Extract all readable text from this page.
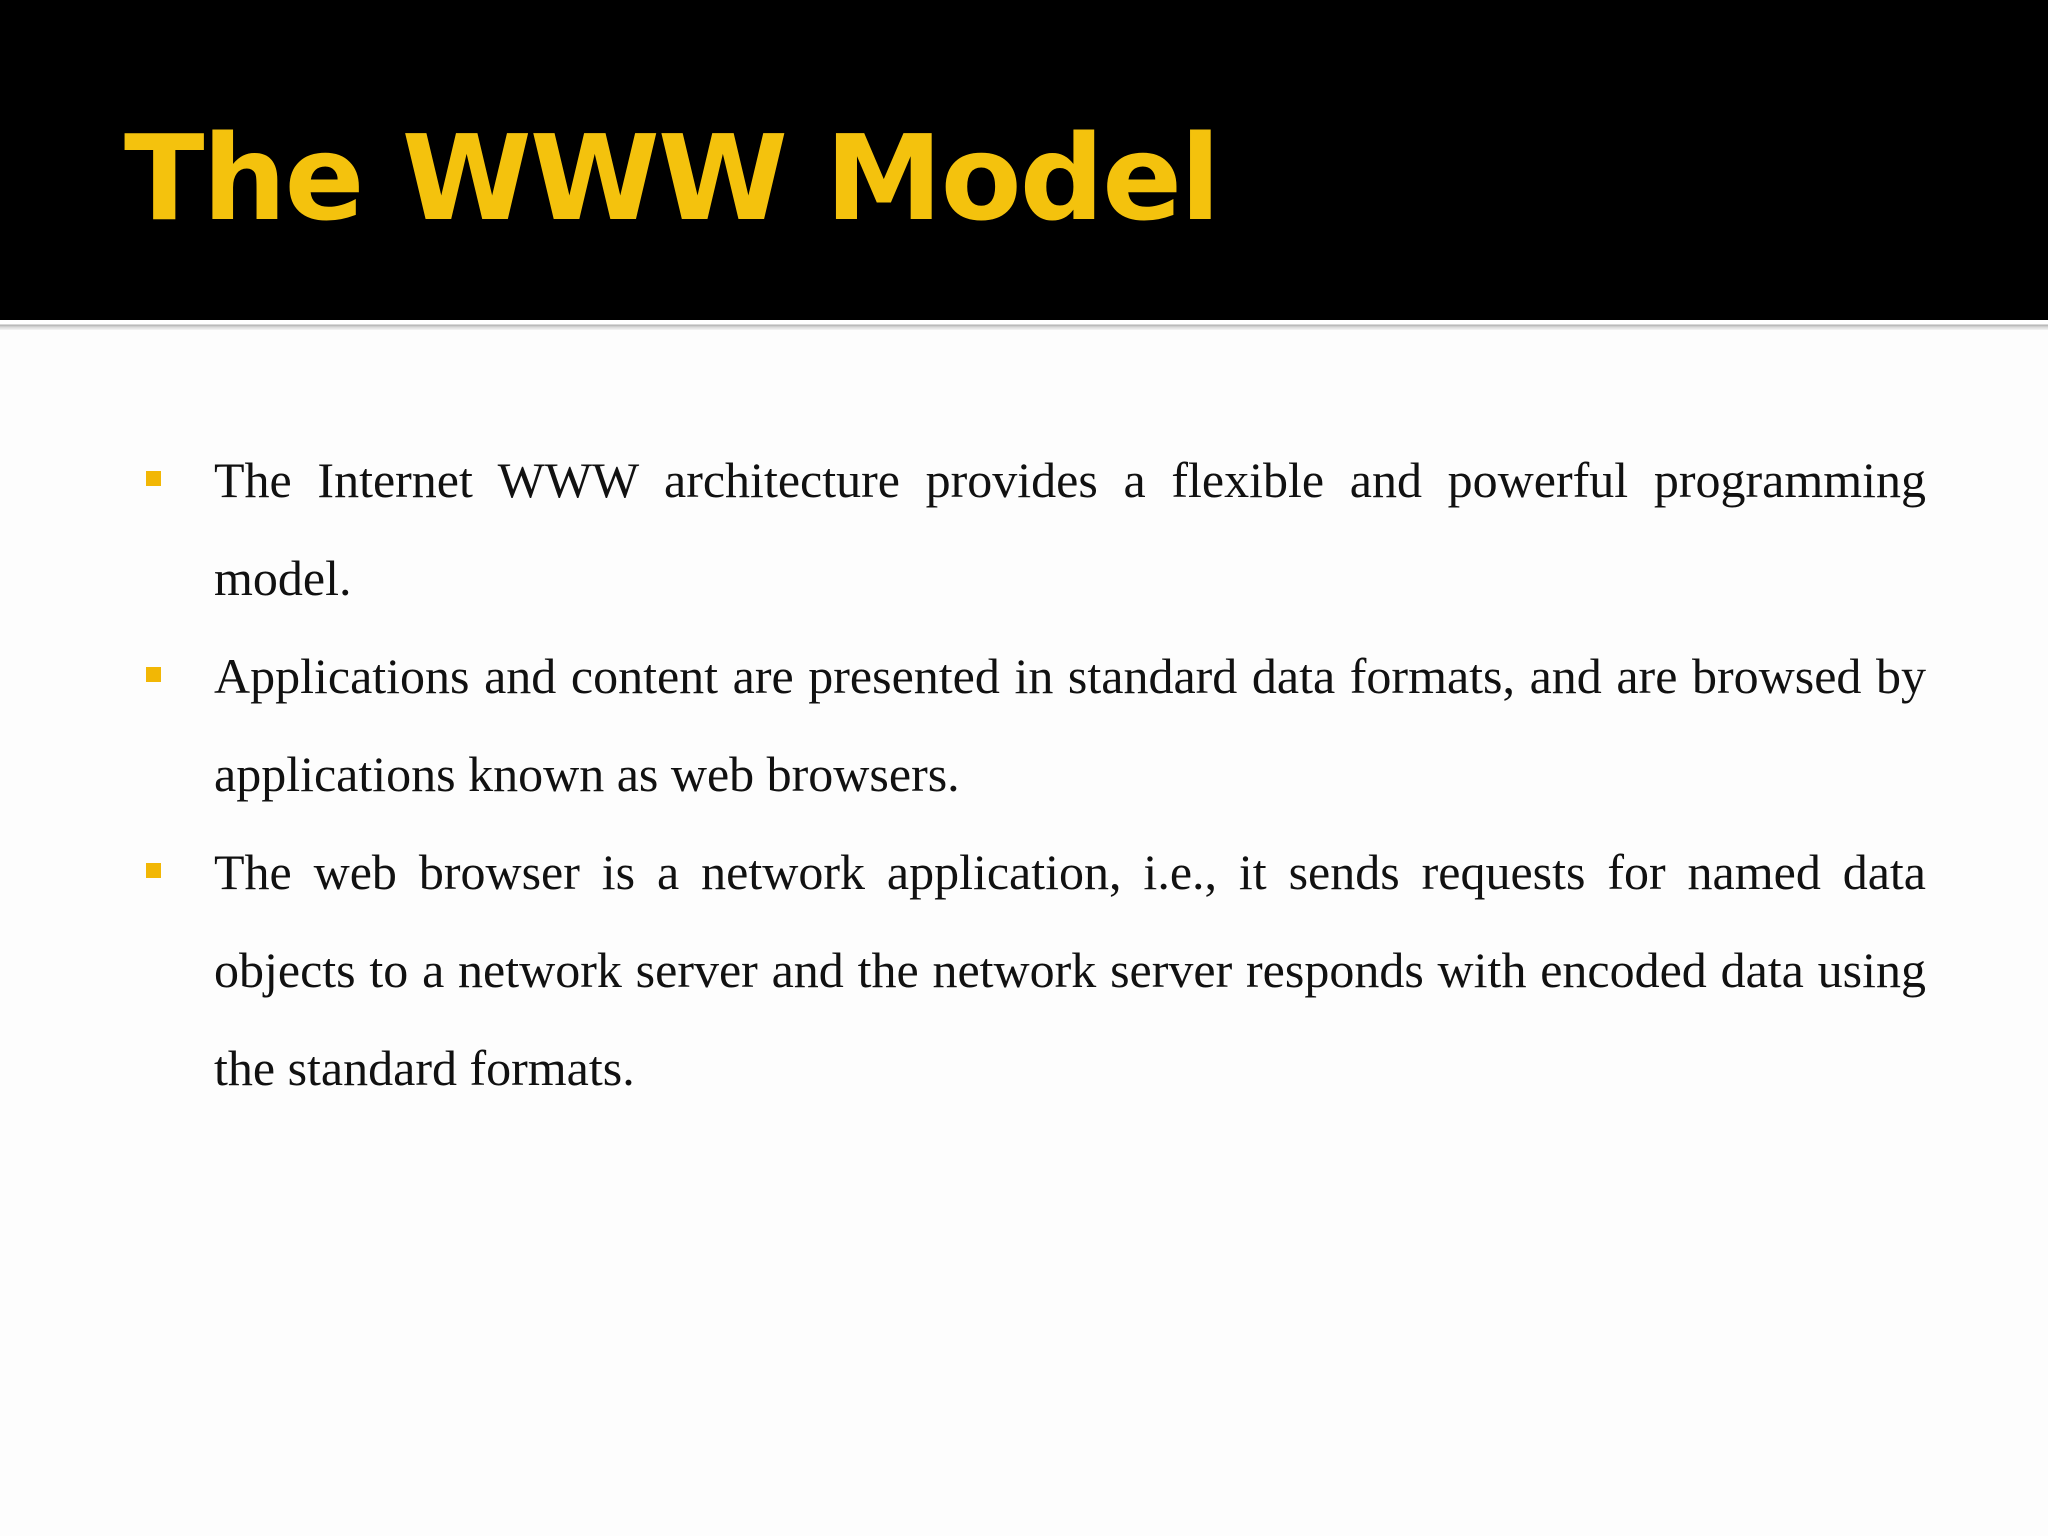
The WWW Model
The Internet WWW architecture provides a flexible and powerful programming model.
Applications and content are presented in standard data formats, and are browsed by applications known as web browsers.
The web browser is a network application, i.e., it sends requests for named data objects to a network server and the network server responds with encoded data using the standard formats.
